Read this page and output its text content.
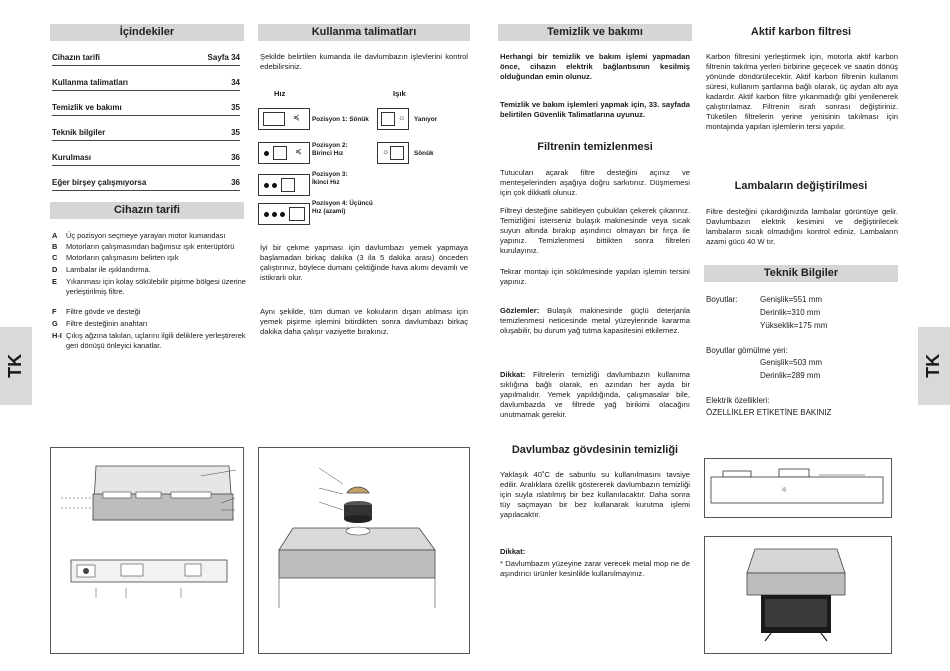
TK
İçindekiler
Cihazın tarifi	Sayfa 34
Kullanma talimatları	34
Temizlik ve bakımı	35
Teknik bilgiler	35
Kurulması	36
Eğer birşey çalışmıyorsa	36
Cihazın tarifi
A	Üç pozisyon seçmeye yarayan motor kumandası
B	Motorların çalışmasından bağımsız ışık enterüptörü
C	Motorların çalışmasını belirten ışık
D	Lambalar ile ışıklandırma.
E	Yıkanması için kolay sökülebilir pişirme bölgesi üzerine yerleştirilmiş filtre.
F	Filtre gövde ve desteği
G	Filtre desteğinin anahtarı
H-I Çıkış ağzına takılan, uçlarını ilgili deliklere yerleştirerek geri dönüşü önleyici kanatlar.
Kullanma talimatları
Şekilde belirtilen kumanda ile davlumbazın işlevlerini kontrol edebilirsiniz.
Hız	Işık
≼ Pozisyon 1: Sönük
≼
Pozisyon 2: Birinci Hız
Pozisyon 3: İkinci Hız
Pozisyon 4: Üçüncü Hız (azami)
☼ Yanıyor
☼	Sönük
İyi bir çekme yapması için davlumbazı yemek yapmaya başlamadan birkaç dakika (3 ila 5 dakika arası) önceden çalıştırınız, böylece dumanı çektiğinde hava akımı devamlı ve istikrarlı olur.
Aynı şekilde, tüm duman ve kokuların dışarı atılması için yemek pişirme işlemini bitirdikten sonra davlumbazı birkaç dakika daha çalışır vaziyette bırakınız.
TK
Temizlik ve bakımı
Herhangi bir temizlik ve bakım işlemi yapmadan önce, cihazın elektrik bağlantısının kesilmiş olduğundan emin olunuz.
Temizlik ve bakım işlemleri yapmak için, 33. sayfada belirtilen Güvenlik Talimatlarına uyunuz.
Filtrenin temizlenmesi
Tutucuları açarak filtre desteğini açınız ve menteşelerinden aşağıya doğru sarkıtınız. Düşmemesi için çok dikkatli olunuz.
Filtreyi desteğine sabitleyen çubukları çekerek çıkarınız. Temizliğini isterseniz bulaşık makinesinde veya sıcak suyun altında bırakıp aşındırıcı olmayan bir fırça ile yapınız. Temizlenmesi bittikten sonra filtreleri kurulayınız.
Tekrar montajı için sökülmesinde yapılan işlemin tersini yapınız.
Gözlemler: Bulaşık makinesinde güçlü deterjanla temizlenmesi neticesinde metal yüzeylerinde kararma oluşabilir, bu durum yağ tutma kapasitesini etkilemez.
Dikkat: Filtrelerin temizliği davlumbazın kullanıma sıklığına bağlı olarak, en azından her ayda bir yapılmalıdır. Yemek yapıldığında, çalışmasalar bile, davlumbazda ve filtrede yağ birikimi olacağını unutmamak gerekir.
Davlumbaz gövdesinin temizliği
Yaklaşık 40˚C de sabunlu su kullanılmasını tavsiye edilir. Aralıklara özellik göstererek davlumbazın temizliği için suyla ıslatılmış bir bez kullanılacaktır. Daha sonra tüy saçmayan bir bez kullanarak kurutma işlemi yapılacaktır.
Dikkat:
* Davlumbazın yüzeyine zarar verecek metal mop ne de aşındırıcı ürünler kesinlikle kullanılmayınız.
Aktif karbon filtresi
Karbon filtresini yerleştirmek için, motorla aktif karbon filtrenin takılma yerleri birbirine geçecek ve saatin dönüş yönünde döndürülecektir. Aktif karbon filtrenin kullanım süresi, kullanım şartlarına bağlı olarak, üç aydan altı aya kadardır. Aktif karbon filtre yıkanmadığı gibi yenilenerek çalıştırılamaz. Filtrenin israfı sonrası değiştiriniz. Tüketilen filtrelerin yerine yenisinin takılması için montajında yapılan işlemlerin tersi yapılır.
Lambaların değiştirilmesi
Filtre desteğini çıkardığınızda lambalar görüntüye gelir. Davlumbazın elektrik kesimini ve değiştirilecek lambaların sıcak olmadığını kontrol ediniz. Lambaların azami gücü 40 W tır.
Teknik Bilgiler
Boyutlar:	Genişlik=551 mm
Derinlik=310 mm
Yükseklik=175 mm
Boyutlar gömülme yeri:
Genişlik=503 mm
Derinlik=289 mm
Elektrik özellikleri:
ÖZELLİKLER ETİKETİNE BAKINIZ
☼
